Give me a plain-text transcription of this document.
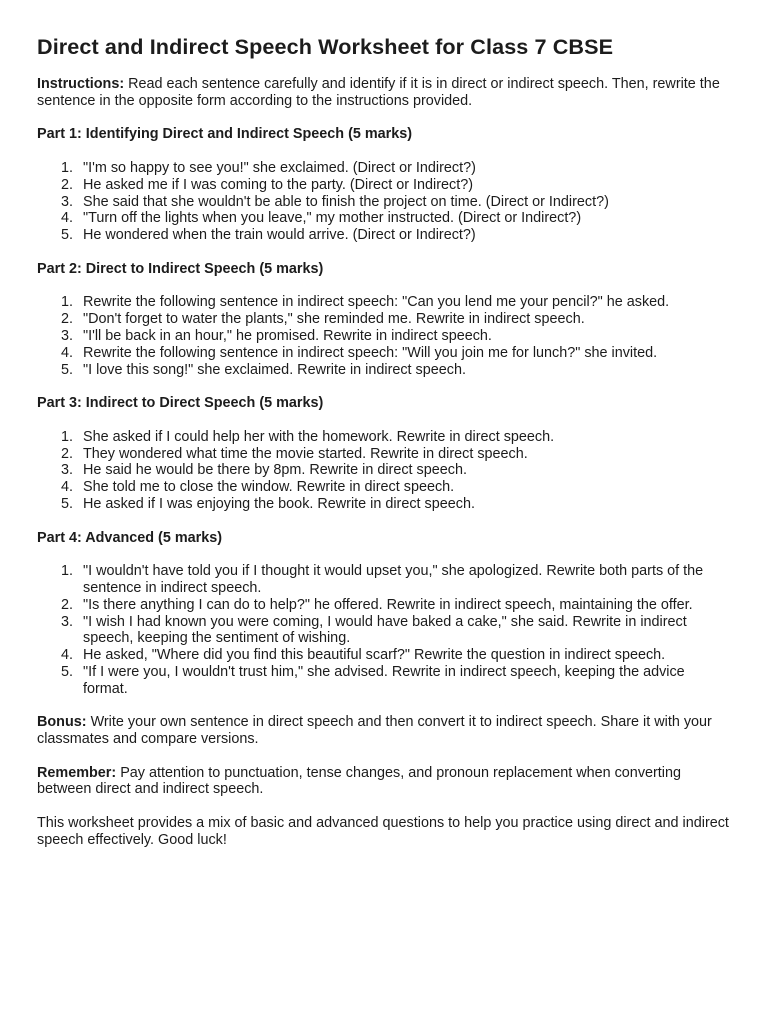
Direct and Indirect Speech Worksheet for Class 7 CBSE

Instructions: Read each sentence carefully and identify if it is in direct or indirect speech. Then, rewrite the sentence in the opposite form according to the instructions provided.

Part 1: Identifying Direct and Indirect Speech (5 marks)
1. "I'm so happy to see you!" she exclaimed. (Direct or Indirect?)
2. He asked me if I was coming to the party. (Direct or Indirect?)
3. She said that she wouldn't be able to finish the project on time. (Direct or Indirect?)
4. "Turn off the lights when you leave," my mother instructed. (Direct or Indirect?)
5. He wondered when the train would arrive. (Direct or Indirect?)
Part 2: Direct to Indirect Speech (5 marks)
1. Rewrite the following sentence in indirect speech: "Can you lend me your pencil?" he asked.
2. "Don't forget to water the plants," she reminded me. Rewrite in indirect speech.
3. "I'll be back in an hour," he promised. Rewrite in indirect speech.
4. Rewrite the following sentence in indirect speech: "Will you join me for lunch?" she invited.
5. "I love this song!" she exclaimed. Rewrite in indirect speech.
Part 3: Indirect to Direct Speech (5 marks)
1. She asked if I could help her with the homework. Rewrite in direct speech.
2. They wondered what time the movie started. Rewrite in direct speech.
3. He said he would be there by 8pm. Rewrite in direct speech.
4. She told me to close the window. Rewrite in direct speech.
5. He asked if I was enjoying the book. Rewrite in direct speech.
Part 4: Advanced (5 marks)
1. "I wouldn't have told you if I thought it would upset you," she apologized. Rewrite both parts of the sentence in indirect speech.
2. "Is there anything I can do to help?" he offered. Rewrite in indirect speech, maintaining the offer.
3. "I wish I had known you were coming, I would have baked a cake," she said. Rewrite in indirect speech, keeping the sentiment of wishing.
4. He asked, "Where did you find this beautiful scarf?" Rewrite the question in indirect speech.
5. "If I were you, I wouldn't trust him," she advised. Rewrite in indirect speech, keeping the advice format.

Bonus: Write your own sentence in direct speech and then convert it to indirect speech. Share it with your classmates and compare versions.

Remember: Pay attention to punctuation, tense changes, and pronoun replacement when converting between direct and indirect speech.

This worksheet provides a mix of basic and advanced questions to help you practice using direct and indirect speech effectively. Good luck!
